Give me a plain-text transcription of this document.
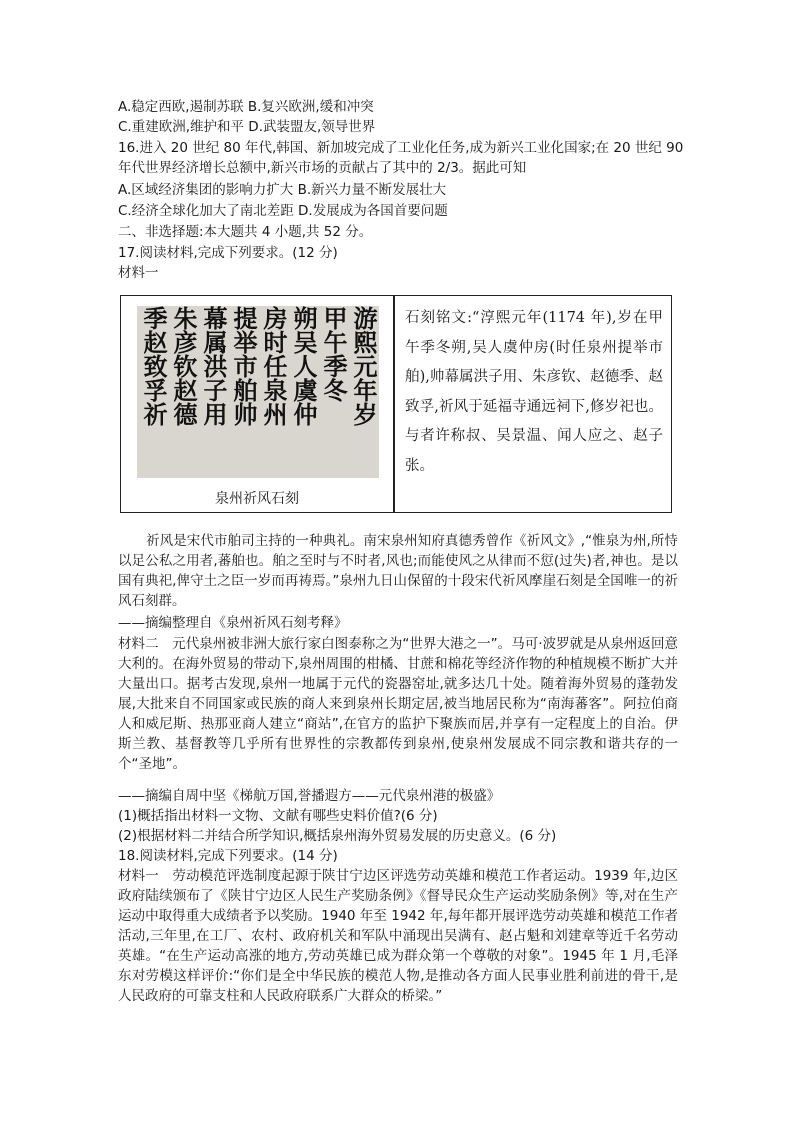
A.稳定西欧,遏制苏联 B.复兴欧洲,缓和冲突
C.重建欧洲,维护和平 D.武装盟友,领导世界
16.进入 20 世纪 80 年代,韩国、新加坡完成了工业化任务,成为新兴工业化国家;在 20 世纪 90
年代世界经济增长总额中,新兴市场的贡献占了其中的 2/3。据此可知
A.区域经济集团的影响力扩大 B.新兴力量不断发展壮大
C.经济全球化加大了南北差距 D.发展成为各国首要问题
二、非选择题:本大题共 4 小题,共 52 分。
17.阅读材料,完成下列要求。(12 分)
材料一
游熙元年岁
甲午季冬
朔吴人虞仲
房时任泉州
提举市舶帅
幕属洪子用
朱彦钦赵德
季赵致孚祈
泉州祈风石刻
石刻铭文:“淳熙元年(1174 年),岁在甲午季冬朔,吴人虞仲房(时任泉州提举市舶),帅幕属洪子用、朱彦钦、赵德季、赵致孚,祈风于延福寺通远祠下,修岁祀也。与者许称叔、吴景温、闻人应之、赵子张。
祈风是宋代市舶司主持的一种典礼。南宋泉州知府真德秀曾作《祈风文》,“惟泉为州,所恃以足公私之用者,蕃舶也。舶之至时与不时者,风也;而能使风之从律而不愆(过失)者,神也。是以国有典祀,俾守土之臣一岁而再祷焉。”泉州九日山保留的十段宋代祈风摩崖石刻是全国唯一的祈风石刻群。
——摘编整理自《泉州祈风石刻考释》
材料二　元代泉州被非洲大旅行家白图泰称之为“世界大港之一”。马可·波罗就是从泉州返回意大利的。在海外贸易的带动下,泉州周围的柑橘、甘蔗和棉花等经济作物的种植规模不断扩大并大量出口。据考古发现,泉州一地属于元代的瓷器窑址,就多达几十处。随着海外贸易的蓬勃发展,大批来自不同国家或民族的商人来到泉州长期定居,被当地居民称为“南海蕃客”。阿拉伯商人和威尼斯、热那亚商人建立“商站”,在官方的监护下聚族而居,并享有一定程度上的自治。伊斯兰教、基督教等几乎所有世界性的宗教都传到泉州,使泉州发展成不同宗教和谐共存的一个“圣地”。
——摘编自周中坚《梯航万国,誉播遐方——元代泉州港的极盛》
(1)概括指出材料一文物、文献有哪些史料价值?(6 分)
(2)根据材料二并结合所学知识,概括泉州海外贸易发展的历史意义。(6 分)
18.阅读材料,完成下列要求。(14 分)
材料一　劳动模范评选制度起源于陕甘宁边区评选劳动英雄和模范工作者运动。1939 年,边区政府陆续颁布了《陕甘宁边区人民生产奖励条例》《督导民众生产运动奖励条例》等,对在生产运动中取得重大成绩者予以奖励。1940 年至 1942 年,每年都开展评选劳动英雄和模范工作者活动,三年里,在工厂、农村、政府机关和军队中涌现出吴满有、赵占魁和刘建章等近千名劳动英雄。“在生产运动高涨的地方,劳动英雄已成为群众第一个尊敬的对象”。1945 年 1 月,毛泽东对劳模这样评价:“你们是全中华民族的模范人物,是推动各方面人民事业胜利前进的骨干,是人民政府的可靠支柱和人民政府联系广大群众的桥梁。”
